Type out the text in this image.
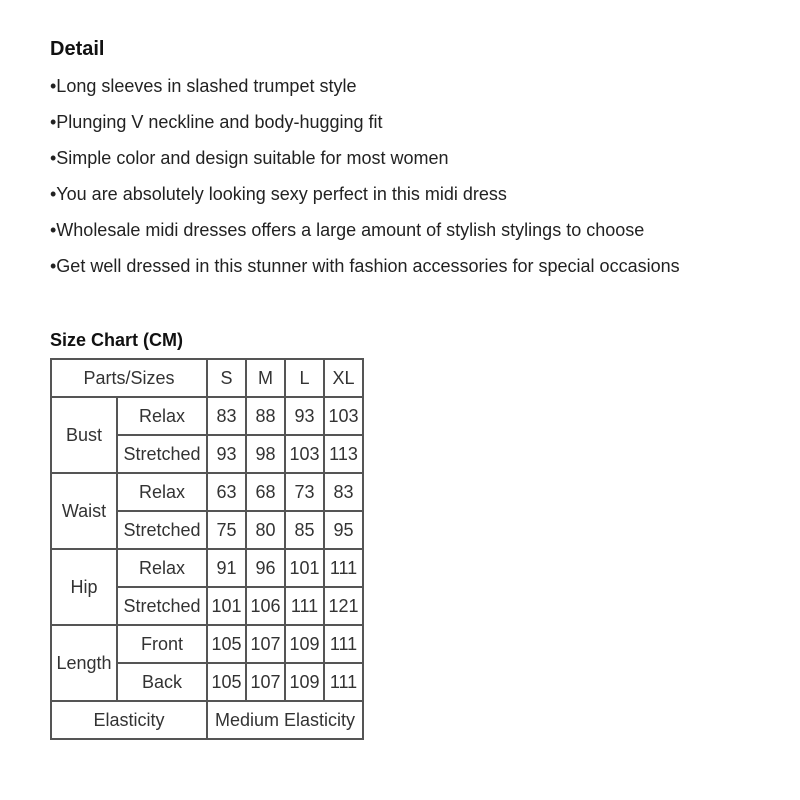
Detail
•Long sleeves in slashed trumpet style
•Plunging V neckline and body-hugging fit
•Simple color and design suitable for most women
•You are absolutely looking sexy perfect in this midi dress
•Wholesale midi dresses offers a large amount of stylish stylings to choose
•Get well dressed in this stunner with fashion accessories for special occasions
Size Chart (CM)
Parts/Sizes		S	M	L	XL
Bust	Relax	83	88	93	103
	Stretched	93	98	103	113
Waist	Relax	63	68	73	83
	Stretched	75	80	85	95
Hip	Relax	91	96	101	111
	Stretched	101	106	111	121
Length	Front	105	107	109	111
	Back	105	107	109	111
Elasticity		Medium Elasticity			
